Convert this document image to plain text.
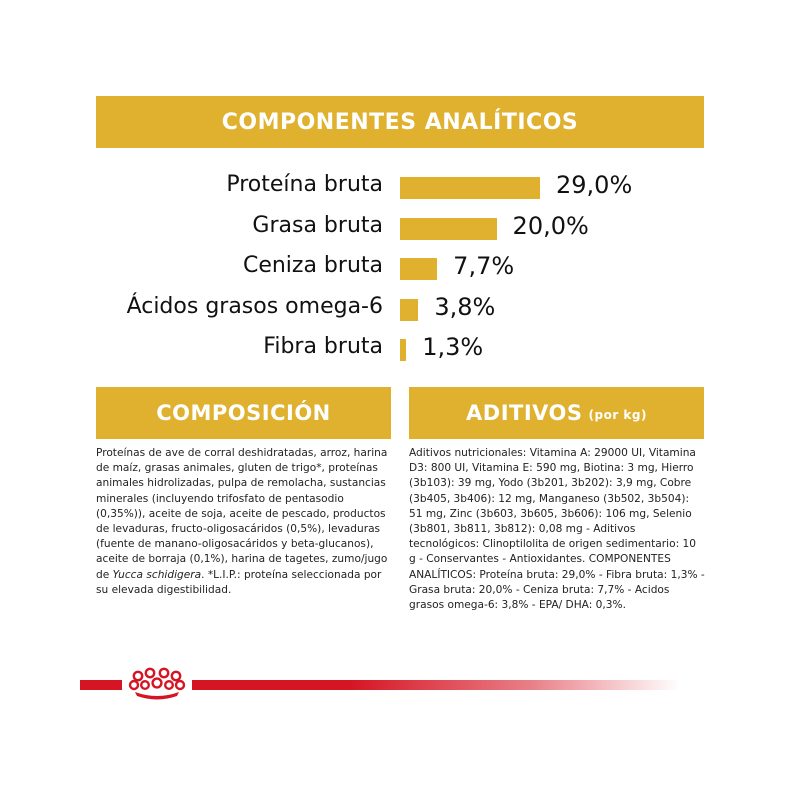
COMPONENTES ANALÍTICOS
Proteína bruta	29,0%
Grasa bruta	20,0%
Ceniza bruta	7,7%
Ácidos grasos omega-6 3,8%
Fibra bruta 1,3%
COMPOSICIÓN	ADITIVOS (por kg)
Proteínas de ave de corral deshidratadas, arroz, harina de maíz, grasas animales, gluten de trigo*, proteínas animales hidrolizadas, pulpa de remolacha, sustancias minerales (incluyendo trifosfato de pentasodio (0,35%)), aceite de soja, aceite de pescado, productos de levaduras, fructo-oligosacáridos (0,5%), levaduras (fuente de manano-oligosacáridos y beta-glucanos), aceite de borraja (0,1%), harina de tagetes, zumo/jugo de Yucca schidigera. *L.I.P.: proteína seleccionada por su elevada digestibilidad.
Aditivos nutricionales: Vitamina A: 29000 UI, Vitamina D3: 800 UI, Vitamina E: 590 mg, Biotina: 3 mg, Hierro (3b103): 39 mg, Yodo (3b201, 3b202): 3,9 mg, Cobre (3b405, 3b406): 12 mg, Manganeso (3b502, 3b504): 51 mg, Zinc (3b603, 3b605, 3b606): 106 mg, Selenio (3b801, 3b811, 3b812): 0,08 mg - Aditivos tecnológicos: Clinoptilolita de origen sedimentario: 10 g - Conservantes - Antioxidantes. COMPONENTES ANALÍTICOS: Proteína bruta: 29,0% - Fibra bruta: 1,3% - Grasa bruta: 20,0% - Ceniza bruta: 7,7% - Acidos grasos omega-6: 3,8% - EPA/ DHA: 0,3%.
